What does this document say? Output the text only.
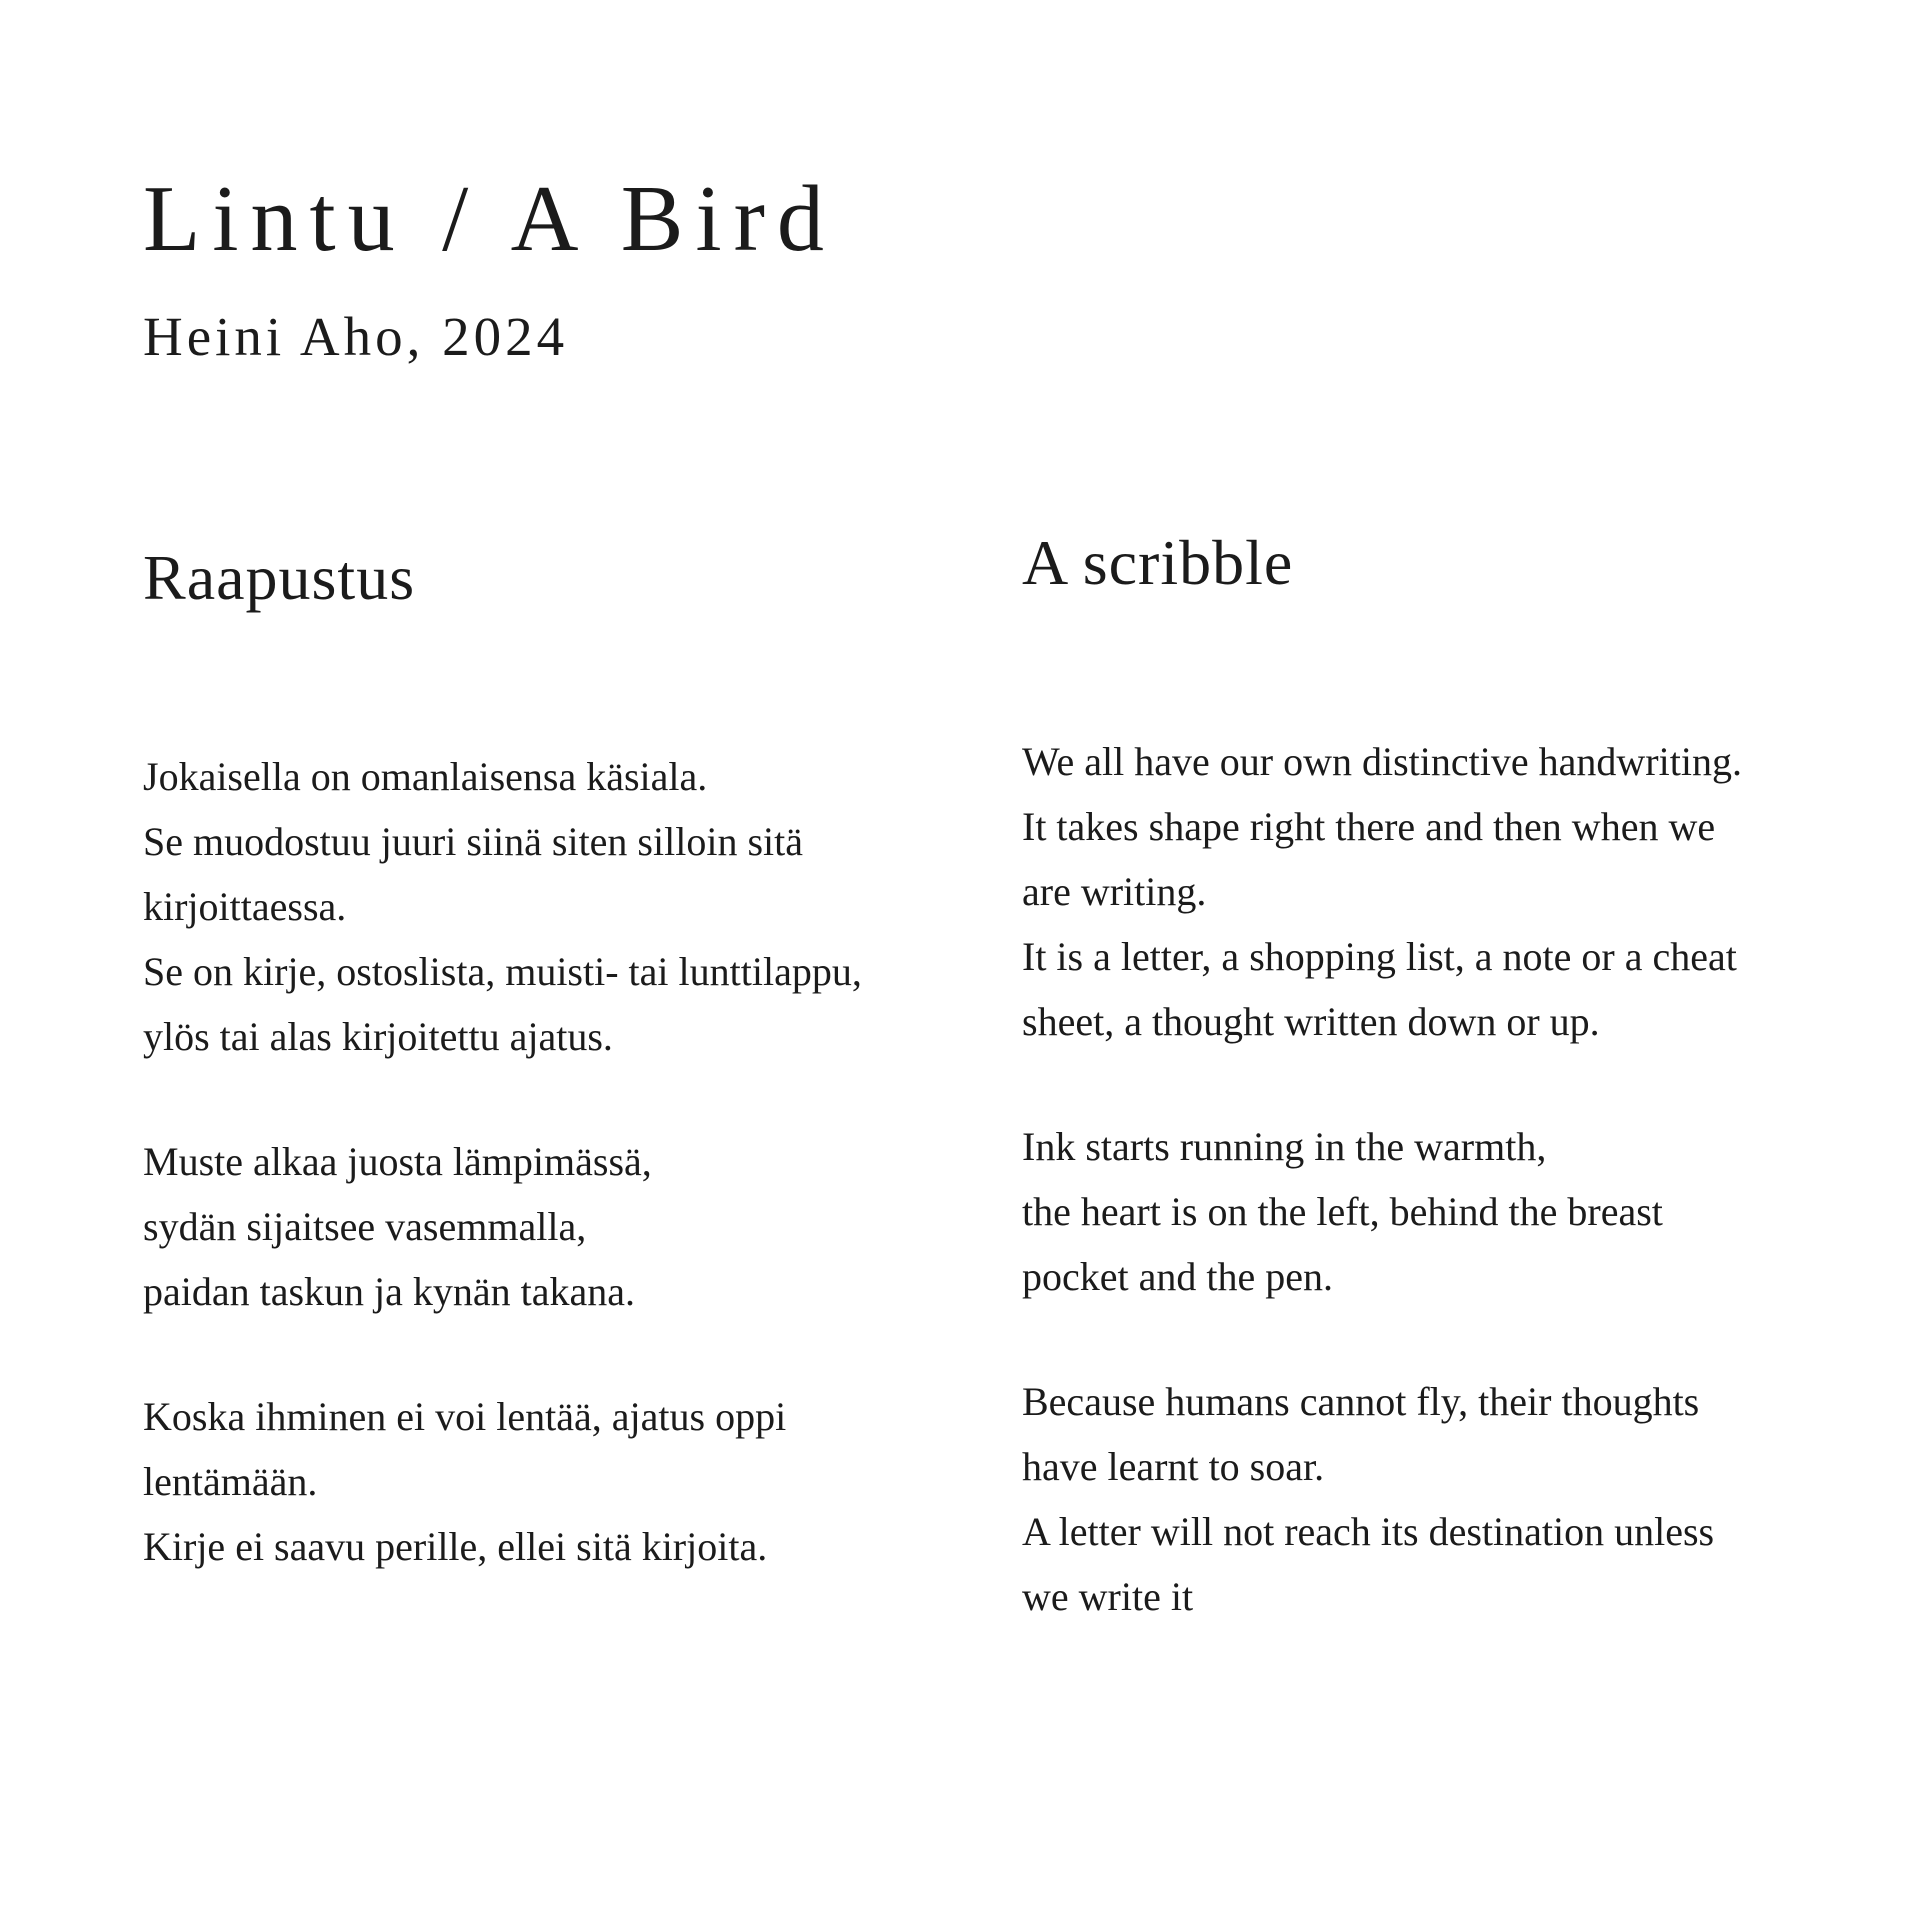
Lintu / A Bird
Heini Aho, 2024
Raapustus

Jokaisella on omanlaisensa käsiala.
Se muodostuu juuri siinä siten silloin sitä
kirjoittaessa.
Se on kirje, ostoslista, muisti- tai lunttilappu,
ylös tai alas kirjoitettu ajatus.

Muste alkaa juosta lämpimässä,
sydän sijaitsee vasemmalla,
paidan taskun ja kynän takana.

Koska ihminen ei voi lentää, ajatus oppi
lentämään.
Kirje ei saavu perille, ellei sitä kirjoita.

A scribble

We all have our own distinctive handwriting.
It takes shape right there and then when we
are writing.
It is a letter, a shopping list, a note or a cheat
sheet, a thought written down or up.

Ink starts running in the warmth,
the heart is on the left, behind the breast
pocket and the pen.

Because humans cannot fly, their thoughts
have learnt to soar.
A letter will not reach its destination unless
we write it
